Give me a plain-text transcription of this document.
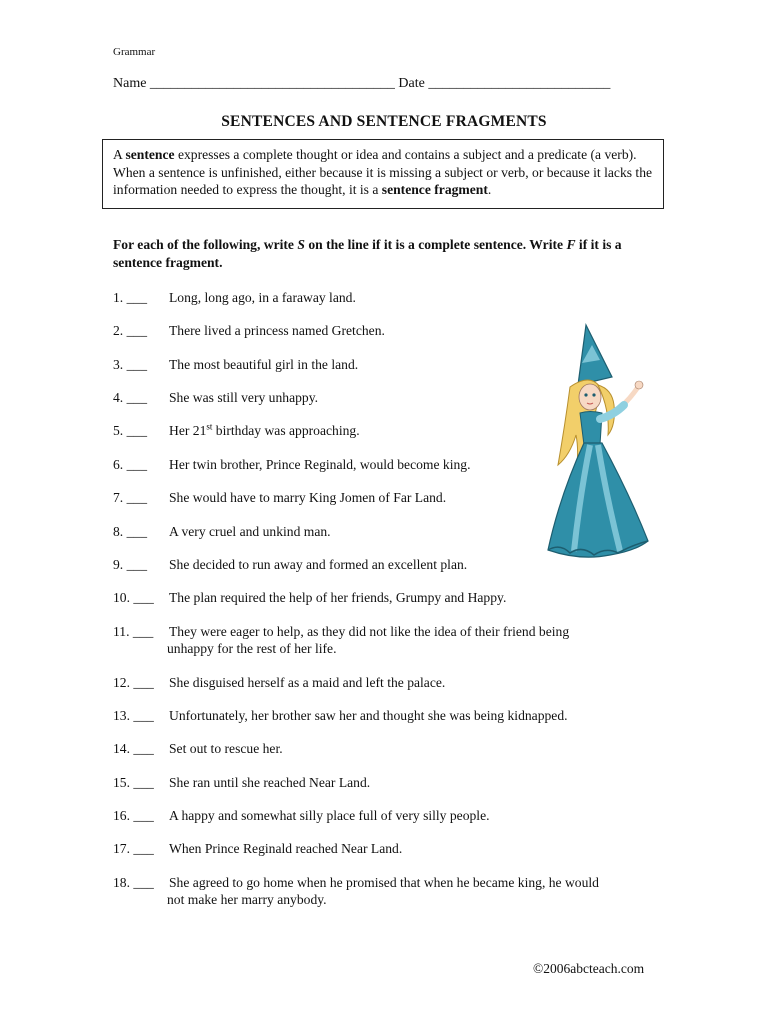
Grammar
Name ___________________________________ Date __________________________
SENTENCES AND SENTENCE FRAGMENTS
A sentence expresses a complete thought or idea and contains a subject and a predicate (a verb). When a sentence is unfinished, either because it is missing a subject or verb, or because it lacks the information needed to express the thought, it is a sentence fragment.
For each of the following, write S on the line if it is a complete sentence. Write F if it is a sentence fragment.
1. ___ Long, long ago, in a faraway land.
2. ___ There lived a princess named Gretchen.
3. ___ The most beautiful girl in the land.
4. ___ She was still very unhappy.
5. ___ Her 21st birthday was approaching.
6. ___ Her twin brother, Prince Reginald, would become king.
7. ___ She would have to marry King Jomen of Far Land.
8. ___ A very cruel and unkind man.
9. ___ She decided to run away and formed an excellent plan.
10. ___ The plan required the help of her friends, Grumpy and Happy.
11. ___ They were eager to help, as they did not like the idea of their friend being
unhappy for the rest of her life.
12. ___ She disguised herself as a maid and left the palace.
13. ___ Unfortunately, her brother saw her and thought she was being kidnapped.
14. ___ Set out to rescue her.
15. ___ She ran until she reached Near Land.
16. ___ A happy and somewhat silly place full of very silly people.
17. ___ When Prince Reginald reached Near Land.
18. ___ She agreed to go home when he promised that when he became king, he would
not make her marry anybody.
©2006abcteach.com
